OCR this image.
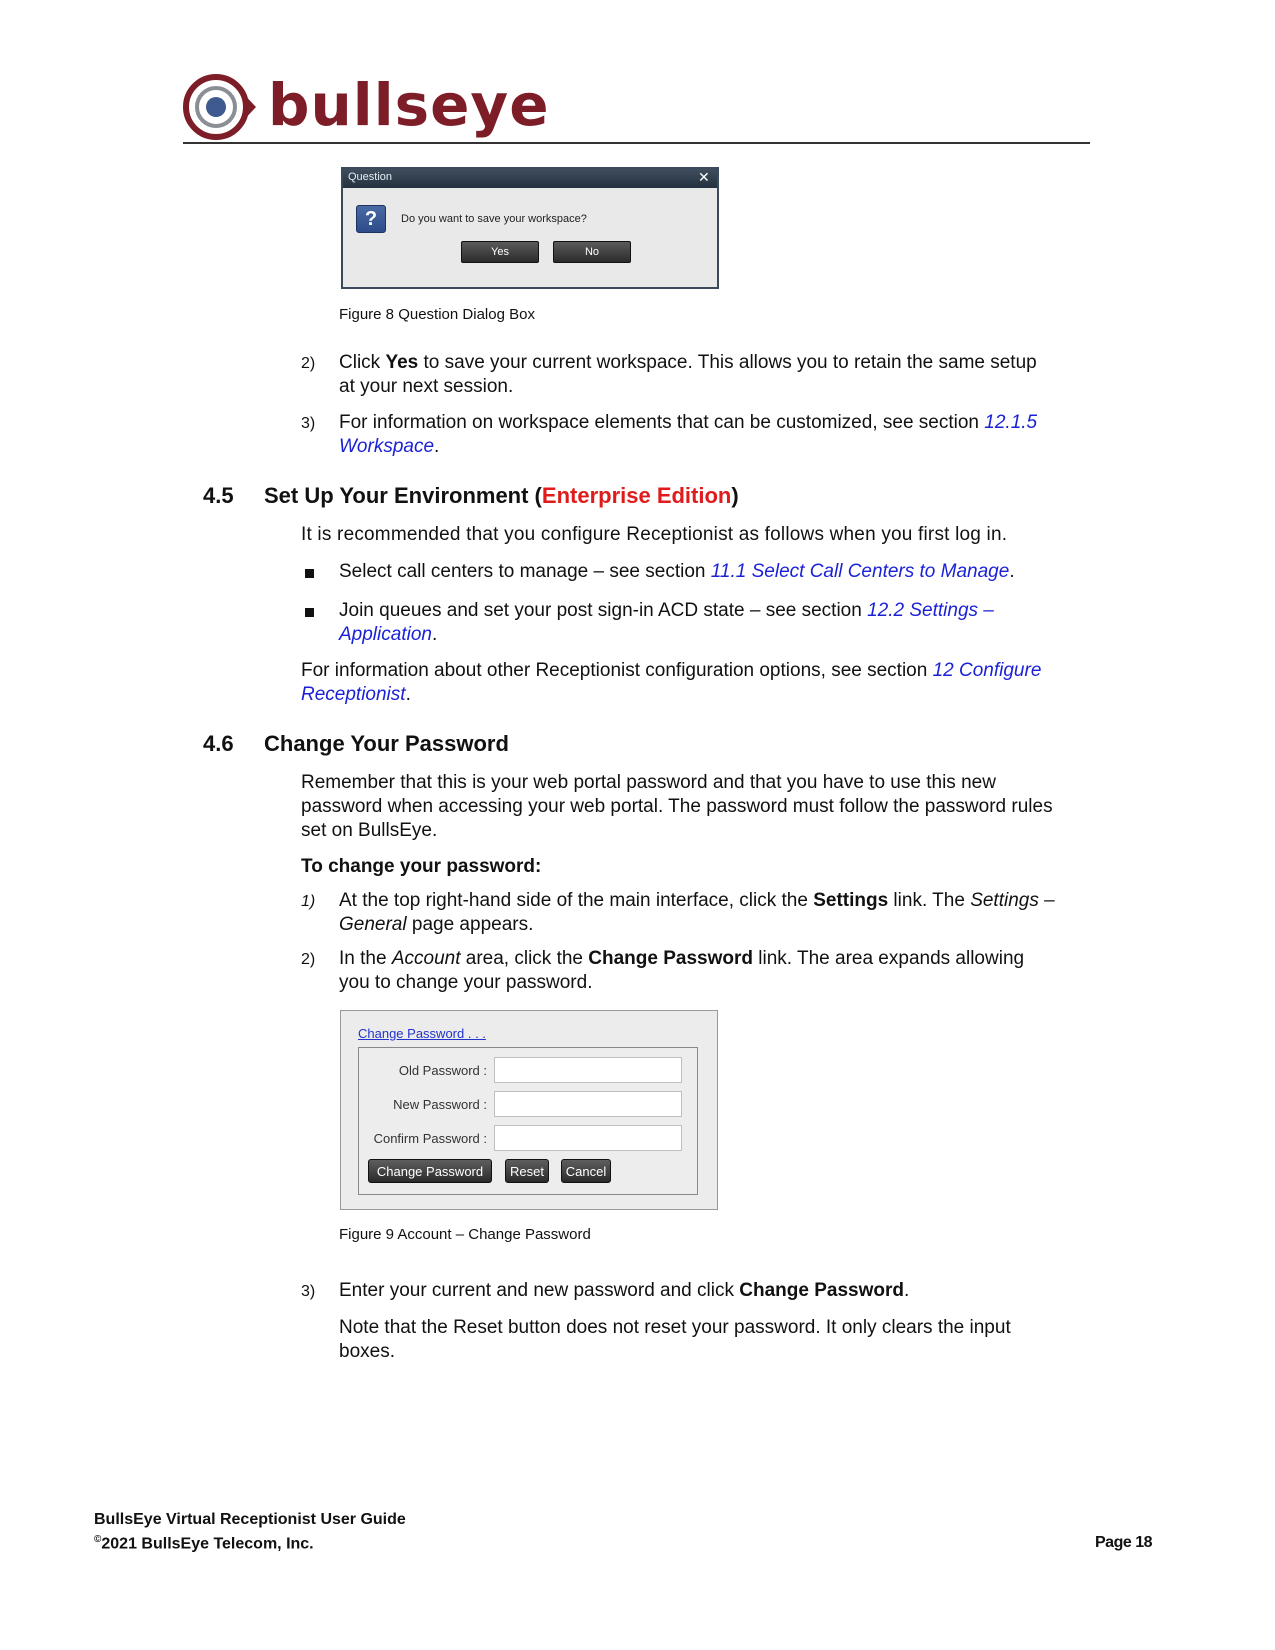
bullseye
Question	✕
?	Do you want to save your workspace?
Yes	No
Figure 8 Question Dialog Box
2) Click Yes to save your current workspace. This allows you to retain the same setup
at your next session.
3) For information on workspace elements that can be customized, see section 12.1.5
Workspace.
4.5 Set Up Your Environment (Enterprise Edition)
It is recommended that you configure Receptionist as follows when you first log in.
Select call centers to manage – see section 11.1 Select Call Centers to Manage.
Join queues and set your post sign-in ACD state – see section 12.2 Settings –
Application.
For information about other Receptionist configuration options, see section 12 Configure
Receptionist.
4.6 Change Your Password
Remember that this is your web portal password and that you have to use this new
password when accessing your web portal. The password must follow the password rules
set on BullsEye.
To change your password:
1) At the top right-hand side of the main interface, click the Settings link. The Settings –
General page appears.
2) In the Account area, click the Change Password link. The area expands allowing
you to change your password.
Change Password . . .
Old Password :
New Password :
Confirm Password :
Change Password	Reset	Cancel
Figure 9 Account – Change Password
3) Enter your current and new password and click Change Password.
Note that the Reset button does not reset your password. It only clears the input
boxes.
BullsEye Virtual Receptionist User Guide
©2021 BullsEye Telecom, Inc.	Page 18
